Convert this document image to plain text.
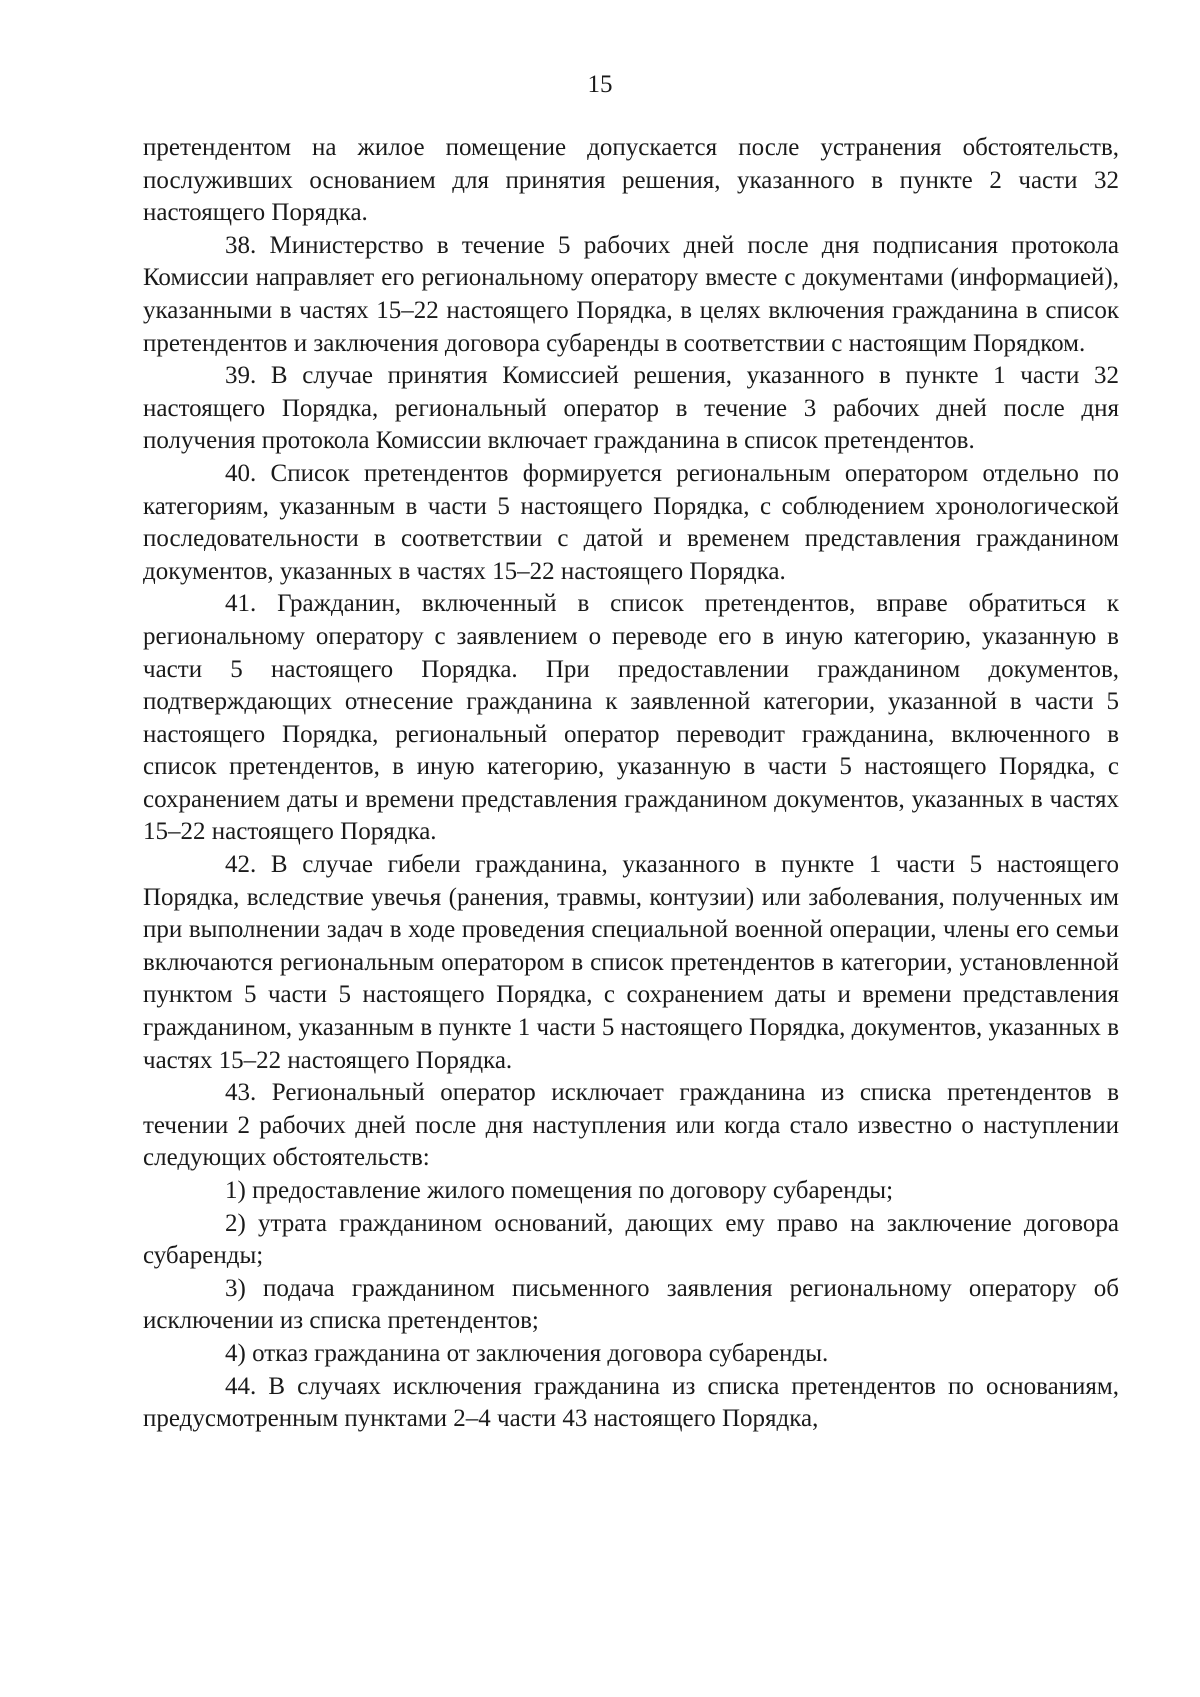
15

претендентом на жилое помещение допускается после устранения обстоятельств, послуживших основанием для принятия решения, указанного в пункте 2 части 32 настоящего Порядка.

38. Министерство в течение 5 рабочих дней после дня подписания протокола Комиссии направляет его региональному оператору вместе с документами (информацией), указанными в частях 15–22 настоящего Порядка, в целях включения гражданина в список претендентов и заключения договора субаренды в соответствии с настоящим Порядком.

39. В случае принятия Комиссией решения, указанного в пункте 1 части 32 настоящего Порядка, региональный оператор в течение 3 рабочих дней после дня получения протокола Комиссии включает гражданина в список претендентов.

40. Список претендентов формируется региональным оператором отдельно по категориям, указанным в части 5 настоящего Порядка, с соблюдением хронологической последовательности в соответствии с датой и временем представления гражданином документов, указанных в частях 15–22 настоящего Порядка.

41. Гражданин, включенный в список претендентов, вправе обратиться к региональному оператору с заявлением о переводе его в иную категорию, указанную в части 5 настоящего Порядка. При предоставлении гражданином документов, подтверждающих отнесение гражданина к заявленной категории, указанной в части 5 настоящего Порядка, региональный оператор переводит гражданина, включенного в список претендентов, в иную категорию, указанную в части 5 настоящего Порядка, с сохранением даты и времени представления гражданином документов, указанных в частях 15–22 настоящего Порядка.

42. В случае гибели гражданина, указанного в пункте 1 части 5 настоящего Порядка, вследствие увечья (ранения, травмы, контузии) или заболевания, полученных им при выполнении задач в ходе проведения специальной военной операции, члены его семьи включаются региональным оператором в список претендентов в категории, установленной пунктом 5 части 5 настоящего Порядка, с сохранением даты и времени представления гражданином, указанным в пункте 1 части 5 настоящего Порядка, документов, указанных в частях 15–22 настоящего Порядка.

43. Региональный оператор исключает гражданина из списка претендентов в течении 2 рабочих дней после дня наступления или когда стало известно о наступлении следующих обстоятельств:

1) предоставление жилого помещения по договору субаренды;

2) утрата гражданином оснований, дающих ему право на заключение договора субаренды;

3) подача гражданином письменного заявления региональному оператору об исключении из списка претендентов;

4) отказ гражданина от заключения договора субаренды.

44. В случаях исключения гражданина из списка претендентов по основаниям, предусмотренным пунктами 2–4 части 43 настоящего Порядка,
